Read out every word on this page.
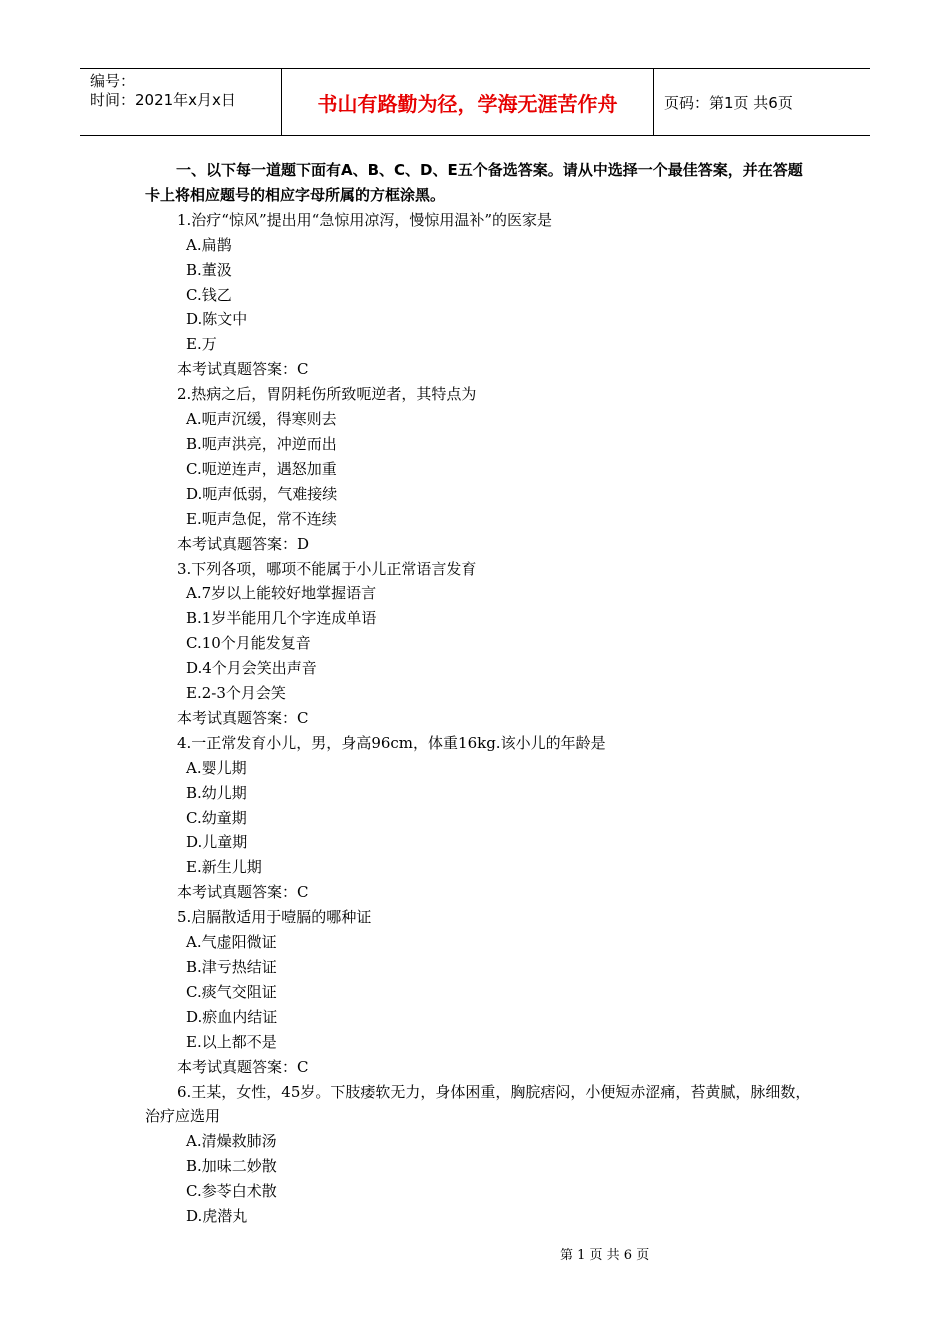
编号：
时间：2021年x月x日	书山有路勤为径，学海无涯苦作舟	页码：第1页 共6页

一、以下每一道题下面有A、B、C、D、E五个备选答案。请从中选择一个最佳答案，并在答题卡上将相应题号的相应字母所属的方框涂黑。

1.治疗“惊风”提出用“急惊用凉泻，慢惊用温补”的医家是
A.扁鹊
B.董汲
C.钱乙
D.陈文中
E.万
本考试真题答案：C
2.热病之后，胃阴耗伤所致呃逆者，其特点为
A.呃声沉缓，得寒则去
B.呃声洪亮，冲逆而出
C.呃逆连声，遇怒加重
D.呃声低弱，气难接续
E.呃声急促，常不连续
本考试真题答案：D
3.下列各项，哪项不能属于小儿正常语言发育
A.7岁以上能较好地掌握语言
B.1岁半能用几个字连成单语
C.10个月能发复音
D.4个月会笑出声音
E.2-3个月会笑
本考试真题答案：C
4.一正常发育小儿，男，身高96cm，体重16kg.该小儿的年龄是
A.婴儿期
B.幼儿期
C.幼童期
D.儿童期
E.新生儿期
本考试真题答案：C
5.启膈散适用于噎膈的哪种证
A.气虚阳微证
B.津亏热结证
C.痰气交阻证
D.瘀血内结证
E.以上都不是
本考试真题答案：C
6.王某，女性，45岁。下肢痿软无力，身体困重，胸脘痞闷，小便短赤涩痛，苔黄腻，脉细数，治疗应选用
A.清燥救肺汤
B.加味二妙散
C.参苓白术散
D.虎潜丸
第 1 页 共 6 页
